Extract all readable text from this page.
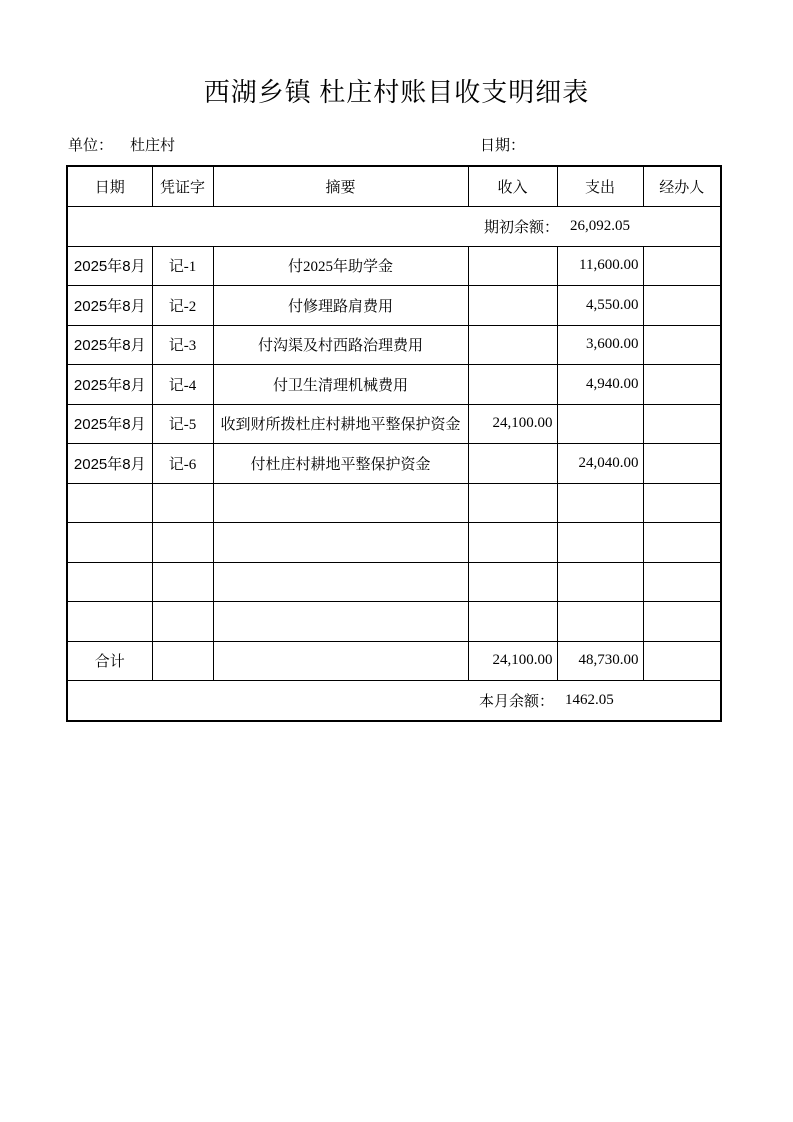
西湖乡镇 杜庄村账目收支明细表
单位： 杜庄村	日期：
日期	凭证字	摘要	收入	支出	经办人

期初余额： 26,092.05					

2025年8月	记-1	付2025年助学金		11,600.00	
2025年8月	记-2	付修理路肩费用		4,550.00	
2025年8月	记-3	付沟渠及村西路治理费用		3,600.00	
2025年8月	记-4	付卫生清理机械费用		4,940.00	
2025年8月	记-5	收到财所拨杜庄村耕地平整保护资金	24,100.00		
2025年8月	记-6	付杜庄村耕地平整保护资金		24,040.00	

合计			24,100.00	48,730.00	

本月余额： 1462.05					
